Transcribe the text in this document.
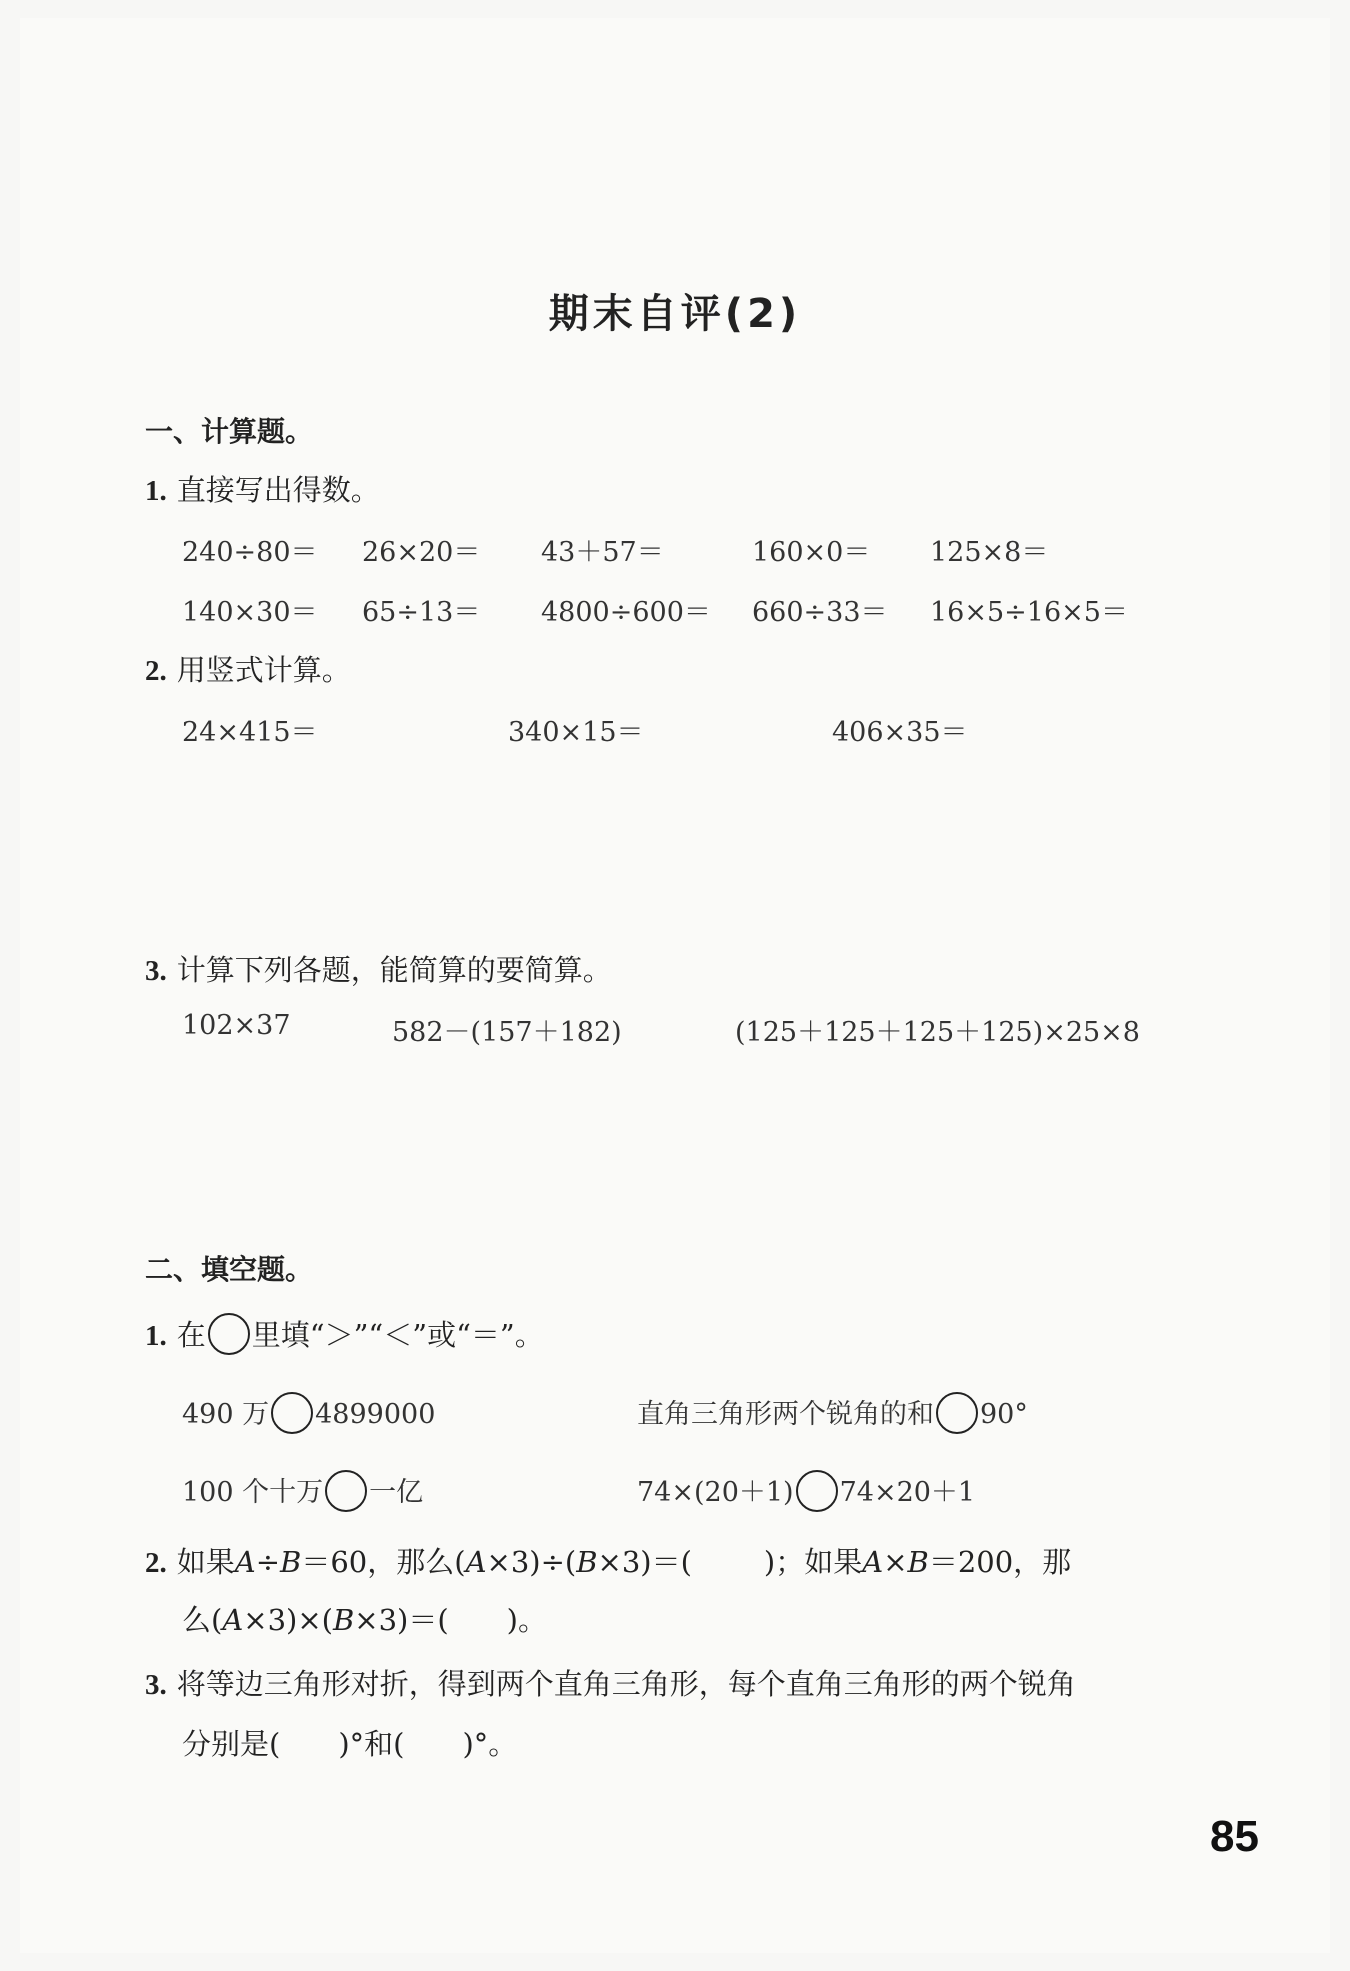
期末自评(2)
一、计算题。
1. 直接写出得数。
240÷80＝ 26×20＝ 43＋57＝	160×0＝ 125×8＝
140×30＝ 65÷13＝ 4800÷600＝ 660÷33＝ 16×5÷16×5＝
2. 用竖式计算。
24×415＝	340×15＝	406×35＝
3. 计算下列各题，能简算的要简算。
102×37	582－(157＋182)	(125＋125＋125＋125)×25×8
二、填空题。
1. 在 里填“＞”“＜”或“＝”。
490 万 4899000	直角三角形两个锐角的和 90°
100 个十万 一亿	74×(20＋1) 74×20＋1
2. 如果A÷B＝60，那么(A×3)÷(B×3)＝( )；如果A×B＝200，那
么(A×3)×(B×3)＝( )。
3. 将等边三角形对折，得到两个直角三角形，每个直角三角形的两个锐角
分别是( )°和( )°。
85
